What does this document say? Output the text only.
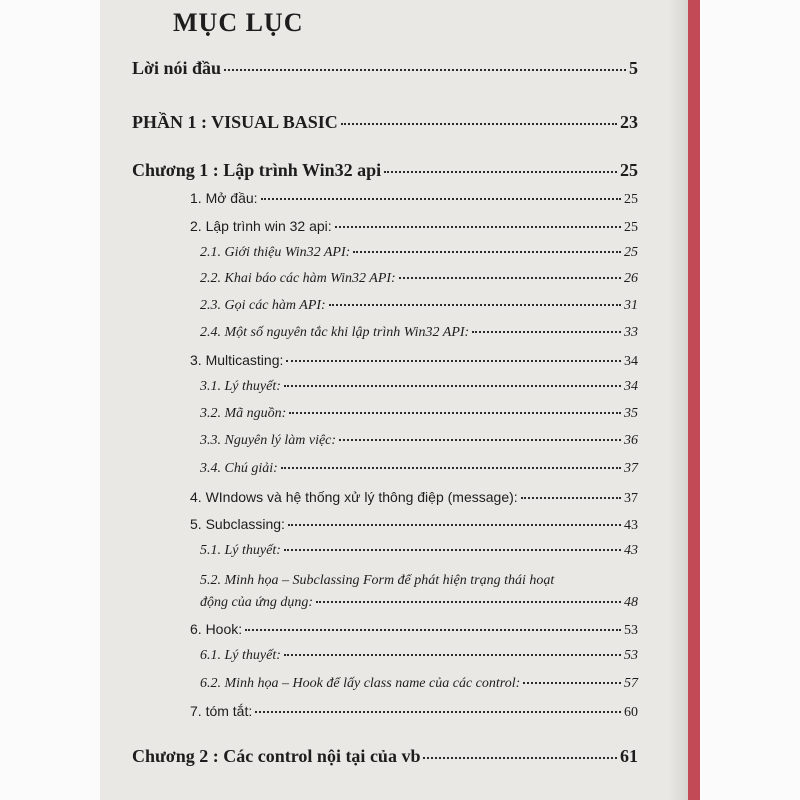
MỤC LỤC
Lời nói đầu	5
PHẦN 1 : VISUAL BASIC	23
Chương 1 : Lập trình Win32 api	25
1. Mở đầu:	25
2. Lập trình win 32 api:	25
2.1. Giới thiệu Win32 API:	25
2.2. Khai báo các hàm Win32 API:	26
2.3. Gọi các hàm API:	31
2.4. Một số nguyên tắc khi lập trình Win32 API:	33
3. Multicasting:	34
3.1. Lý thuyết:	34
3.2. Mã nguồn:	35
3.3. Nguyên lý làm việc:	36
3.4. Chú giải:	37
4. WIndows và hệ thống xử lý thông điệp (message):	37
5. Subclassing:	43
5.1. Lý thuyết:	43
5.2. Minh họa – Subclassing Form để phát hiện trạng thái hoạt
động của ứng dụng:	48
6. Hook:	53
6.1. Lý thuyết:	53
6.2. Minh họa – Hook để lấy class name của các control:	57
7. tóm tắt:	60
Chương 2 : Các control nội tại của vb	61
